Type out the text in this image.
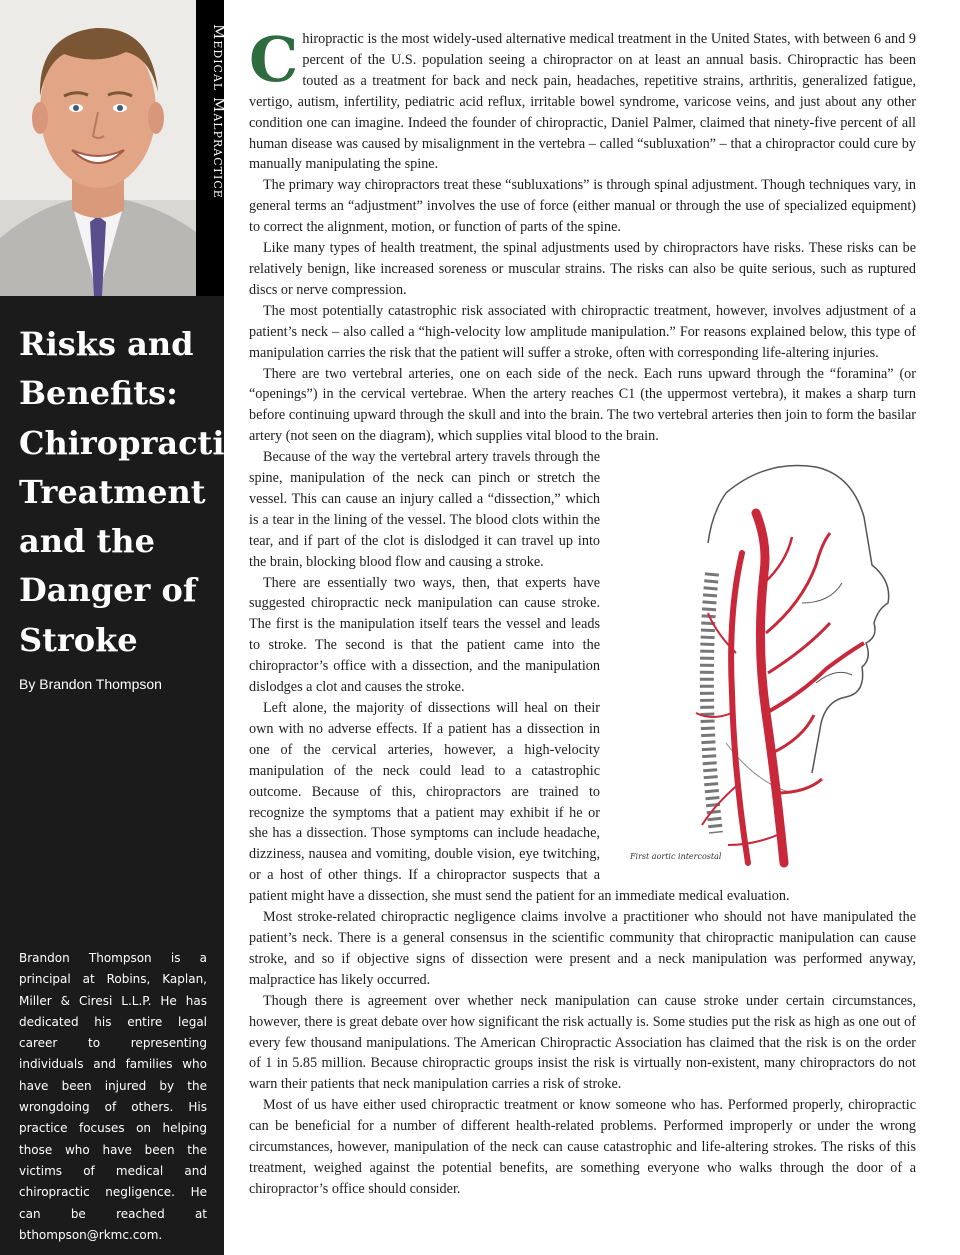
Medical Malpractice
Risks and Benefits: Chiropractic Treatment and the Danger of Stroke

By Brandon Thompson

Brandon Thompson is a principal at Robins, Kaplan, Miller & Ciresi L.L.P. He has dedicated his entire legal career to representing individuals and families who have been injured by the wrongdoing of others. His practice focuses on helping those who have been the victims of medical and chiropractic negligence. He can be reached at bthompson@rkmc.com.

Chiropractic is the most widely-used alternative medical treatment in the United States, with between 6 and 9 percent of the U.S. population seeing a chiropractor on at least an annual basis. Chiropractic has been touted as a treatment for back and neck pain, headaches, repetitive strains, arthritis, generalized fatigue, vertigo, autism, infertility, pediatric acid reflux, irritable bowel syndrome, varicose veins, and just about any other condition one can imagine. Indeed the founder of chiropractic, Daniel Palmer, claimed that ninety-five percent of all human disease was caused by misalignment in the vertebra – called “subluxation” – that a chiropractor could cure by manually manipulating the spine.

The primary way chiropractors treat these “subluxations” is through spinal adjustment. Though techniques vary, in general terms an “adjustment” involves the use of force (either manual or through the use of specialized equipment) to correct the alignment, motion, or function of parts of the spine.

Like many types of health treatment, the spinal adjustments used by chiropractors have risks. These risks can be relatively benign, like increased soreness or muscular strains. The risks can also be quite serious, such as ruptured discs or nerve compression.

The most potentially catastrophic risk associated with chiropractic treatment, however, involves adjustment of a patient’s neck – also called a “high-velocity low amplitude manipulation.” For reasons explained below, this type of manipulation carries the risk that the patient will suffer a stroke, often with corresponding life-altering injuries.

There are two vertebral arteries, one on each side of the neck. Each runs upward through the “foramina” (or “openings”) in the cervical vertebrae. When the artery reaches C1 (the uppermost vertebra), it makes a sharp turn before continuing upward through the skull and into the brain. The two vertebral arteries then join to form the basilar artery (not seen on the diagram), which supplies vital blood to the brain.

First aortic intercostal

Because of the way the vertebral artery travels through the spine, manipulation of the neck can pinch or stretch the vessel. This can cause an injury called a “dissection,” which is a tear in the lining of the vessel. The blood clots within the tear, and if part of the clot is dislodged it can travel up into the brain, blocking blood flow and causing a stroke.

There are essentially two ways, then, that experts have suggested chiropractic neck manipulation can cause stroke. The first is the manipulation itself tears the vessel and leads to stroke. The second is that the patient came into the chiropractor’s office with a dissection, and the manipulation dislodges a clot and causes the stroke.

Left alone, the majority of dissections will heal on their own with no adverse effects. If a patient has a dissection in one of the cervical arteries, however, a high-velocity manipulation of the neck could lead to a catastrophic outcome. Because of this, chiropractors are trained to recognize the symptoms that a patient may exhibit if he or she has a dissection. Those symptoms can include headache, dizziness, nausea and vomiting, double vision, eye twitching, or a host of other things. If a chiropractor suspects that a patient might have a dissection, she must send the patient for an immediate medical evaluation.

Most stroke-related chiropractic negligence claims involve a practitioner who should not have manipulated the patient’s neck. There is a general consensus in the scientific community that chiropractic manipulation can cause stroke, and so if objective signs of dissection were present and a neck manipulation was performed anyway, malpractice has likely occurred.

Though there is agreement over whether neck manipulation can cause stroke under certain circumstances, however, there is great debate over how significant the risk actually is. Some studies put the risk as high as one out of every few thousand manipulations. The American Chiropractic Association has claimed that the risk is on the order of 1 in 5.85 million. Because chiropractic groups insist the risk is virtually non-existent, many chiropractors do not warn their patients that neck manipulation carries a risk of stroke.

Most of us have either used chiropractic treatment or know someone who has. Performed properly, chiropractic can be beneficial for a number of different health-related problems. Performed improperly or under the wrong circumstances, however, manipulation of the neck can cause catastrophic and life-altering strokes. The risks of this treatment, weighed against the potential benefits, are something everyone who walks through the door of a chiropractor’s office should consider.
